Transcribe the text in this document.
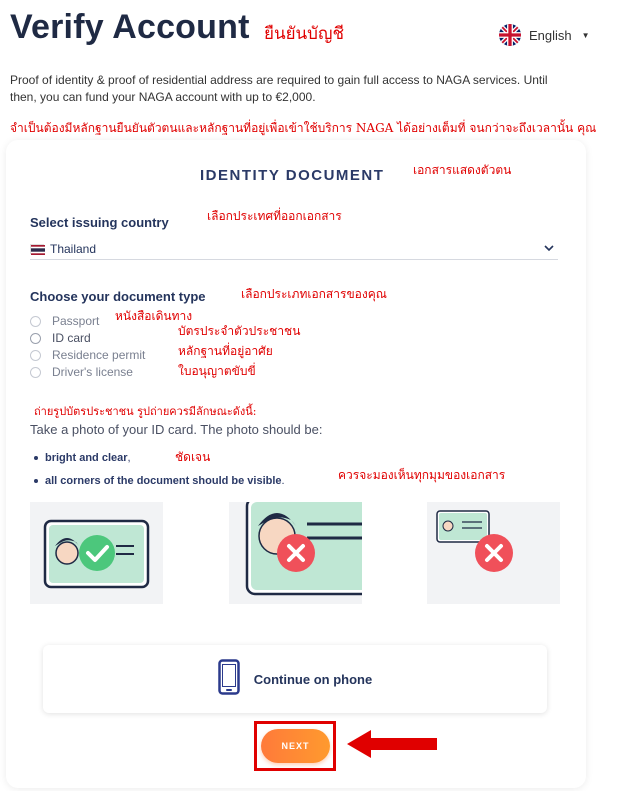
Verify Account ยืนยันบัญชี	English ▼
Proof of identity & proof of residential address are required to gain full access to NAGA services. Until then, you can fund your NAGA account with up to €2,000.
จำเป็นต้องมีหลักฐานยืนยันตัวตนและหลักฐานที่อยู่เพื่อเข้าใช้บริการ NAGA ได้อย่างเต็มที่ จนกว่าจะถึงเวลานั้น คุณ
IDENTITY DOCUMENT เอกสารแสดงตัวตน
Select issuing country	เลือกประเทศที่ออกเอกสาร
Thailand
Choose your document type	เลือกประเภทเอกสารของคุณ
Passport
ID card
Residence permit
Driver's license
หนังสือเดินทาง
บัตรประจำตัวประชาชน
หลักฐานที่อยู่อาศัย
ใบอนุญาตขับขี่
ถ่ายรูปบัตรประชาชน รูปถ่ายควรมีลักษณะดังนี้:
Take a photo of your ID card. The photo should be:
bright and clear,	ชัดเจน
all corners of the document should be visible.	ควรจะมองเห็นทุกมุมของเอกสาร
Continue on phone
NEXT
